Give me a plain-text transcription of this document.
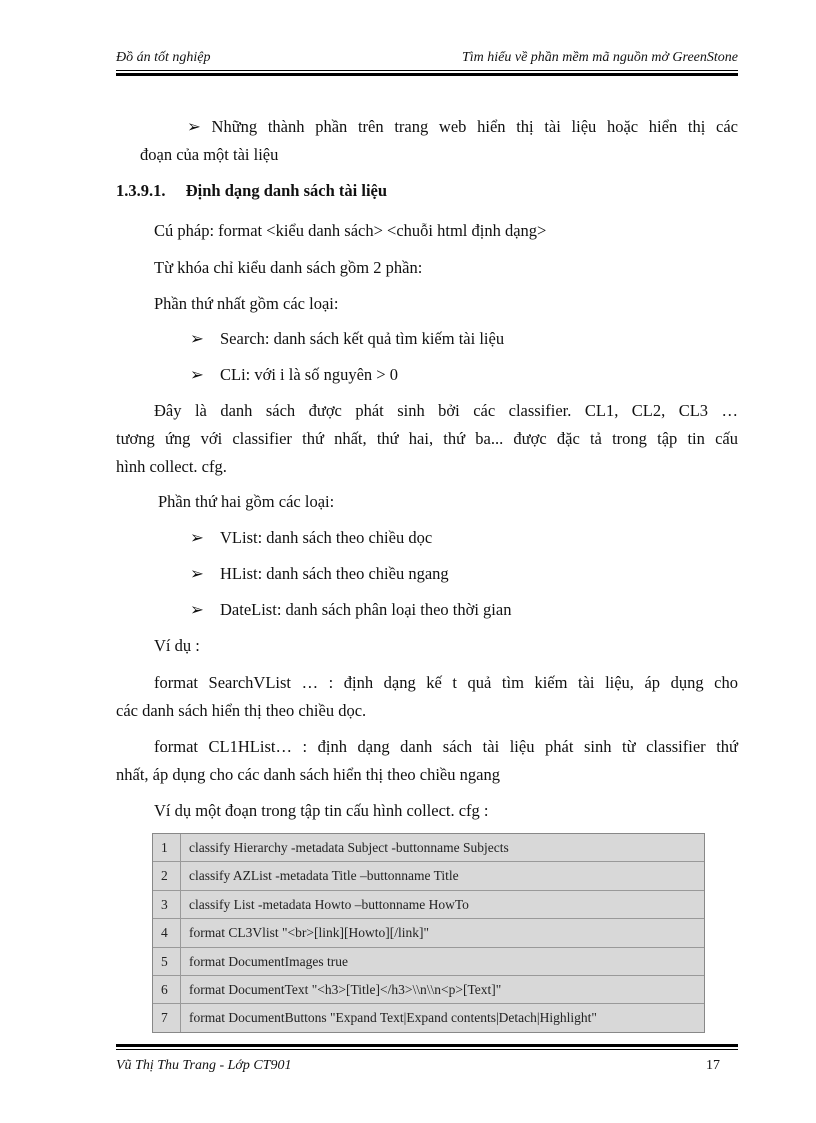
Đồ án tốt nghiệp	Tìm hiểu về phần mềm mã nguồn mở GreenStone
➢ Những thành phần trên trang web hiển thị tài liệu hoặc hiển thị các
đoạn của một tài liệu
1.3.9.1. Định dạng danh sách tài liệu
Cú pháp: format <kiểu danh sách> <chuỗi html định dạng>
Từ khóa chỉ kiểu danh sách gồm 2 phần:
Phần thứ nhất gồm các loại:
➢ Search: danh sách kết quả tìm kiếm tài liệu
➢ CLi: với i là số nguyên > 0
Đây là danh sách được phát sinh bởi các classifier. CL1, CL2, CL3 …
tương ứng với classifier thứ nhất, thứ hai, thứ ba... được đặc tả trong tập tin cấu
hình collect. cfg.
Phần thứ hai gồm các loại:
➢ VList: danh sách theo chiều dọc
➢ HList: danh sách theo chiều ngang
➢ DateList: danh sách phân loại theo thời gian
Ví dụ :
format SearchVList … : định dạng kế t quả tìm kiếm tài liệu, áp dụng cho
các danh sách hiển thị theo chiều dọc.
format CL1HList… : định dạng danh sách tài liệu phát sinh từ classifier thứ
nhất, áp dụng cho các danh sách hiển thị theo chiều ngang
Ví dụ một đoạn trong tập tin cấu hình collect. cfg :
1	classify Hierarchy -metadata Subject -buttonname Subjects
2	classify AZList -metadata Title –buttonname Title
3	classify List -metadata Howto –buttonname HowTo
4	format CL3Vlist "<br>[link][Howto][/link]"
5	format DocumentImages true
6	format DocumentText "<h3>[Title]</h3>\\n\\n<p>[Text]"
7	format DocumentButtons "Expand Text|Expand contents|Detach|Highlight"
Vũ Thị Thu Trang - Lớp CT901	17
